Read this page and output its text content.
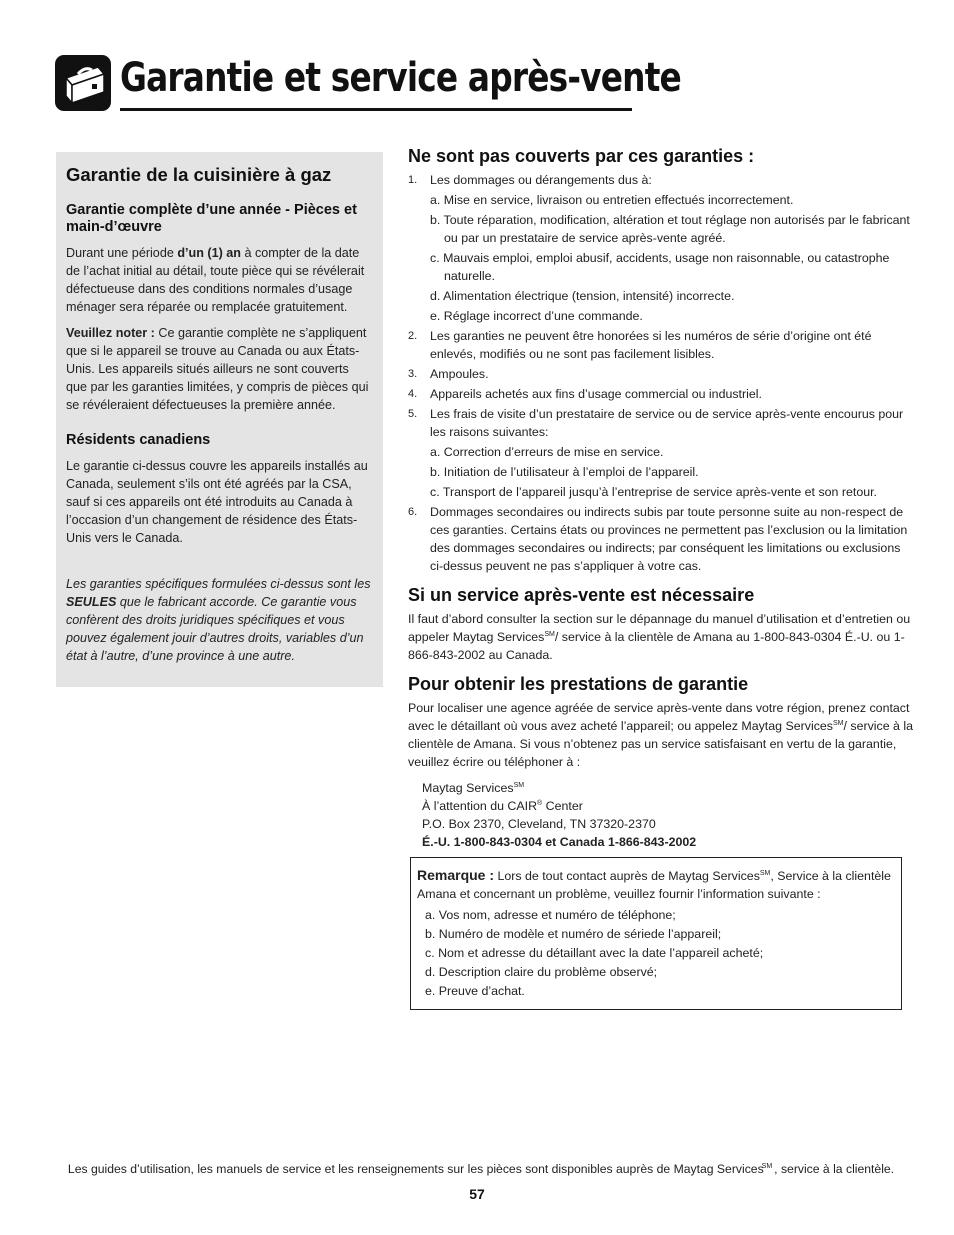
Garantie et service après-vente
Garantie de la cuisinière à gaz
Garantie complète d’une année - Pièces et main-d’œuvre

Durant une période d’un (1) an à compter de la date de l’achat initial au détail, toute pièce qui se révélerait défectueuse dans des conditions normales d’usage ménager sera réparée ou remplacée gratuitement.

Veuillez noter : Ce garantie complète ne s’appliquent que si le appareil se trouve au Canada ou aux États-Unis. Les appareils situés ailleurs ne sont couverts que par les garanties limitées, y compris de pièces qui se révéleraient défectueuses la première année.

Résidents canadiens

Le garantie ci-dessus couvre les appareils installés au Canada, seulement s’ils ont été agréés par la CSA, sauf si ces appareils ont été introduits au Canada à l’occasion d’un changement de résidence des États-Unis vers le Canada.

Les garanties spécifiques formulées ci-dessus sont les SEULES que le fabricant accorde. Ce garantie vous confèrent des droits juridiques spécifiques et vous pouvez également jouir d’autres droits, variables d’un état à l’autre, d’une province à une autre.

Ne sont pas couverts par ces garanties :
1. Les dommages ou dérangements dus à:
a. Mise en service, livraison ou entretien effectués incorrectement.
b. Toute réparation, modification, altération et tout réglage non autorisés par le fabricant ou par un prestataire de service après-vente agréé.
c. Mauvais emploi, emploi abusif, accidents, usage non raisonnable, ou catastrophe naturelle.
d. Alimentation électrique (tension, intensité) incorrecte.
e. Réglage incorrect d’une commande.
2. Les garanties ne peuvent être honorées si les numéros de série d’origine ont été enlevés, modifiés ou ne sont pas facilement lisibles.
3. Ampoules.
4. Appareils achetés aux fins d’usage commercial ou industriel.
5. Les frais de visite d’un prestataire de service ou de service après-vente encourus pour les raisons suivantes:
a. Correction d’erreurs de mise en service.
b. Initiation de l’utilisateur à l’emploi de l’appareil.
c. Transport de l’appareil jusqu’à l’entreprise de service après-vente et son retour.
6. Dommages secondaires ou indirects subis par toute personne suite au non-respect de ces garanties. Certains états ou provinces ne permettent pas l’exclusion ou la limitation des dommages secondaires ou indirects; par conséquent les limitations ou exclusions ci-dessus peuvent ne pas s’appliquer à votre cas.
Si un service après-vente est nécessaire

Il faut d’abord consulter la section sur le dépannage du manuel d’utilisation et d’entretien ou appeler Maytag Services℠/ service à la clientèle de Amana au 1-800-843-0304 É.-U. ou 1-866-843-2002 au Canada.

Pour obtenir les prestations de garantie

Pour localiser une agence agréée de service après-vente dans votre région, prenez contact avec le détaillant où vous avez acheté l’appareil; ou appelez Maytag Services℠/ service à la clientèle de Amana. Si vous n’obtenez pas un service satisfaisant en vertu de la garantie, veuillez écrire ou téléphoner à :

Maytag Services℠
À l’attention du CAIR® Center
P.O. Box 2370, Cleveland, TN 37320-2370
É.-U. 1-800-843-0304 et Canada 1-866-843-2002

Remarque : Lors de tout contact auprès de Maytag Services℠, Service à la clientèle Amana et concernant un problème, veuillez fournir l’information suivante :

a. Vos nom, adresse et numéro de téléphone;
b. Numéro de modèle et numéro de sériede l’appareil;
c. Nom et adresse du détaillant avec la date l’appareil acheté;
d. Description claire du problème observé;
e. Preuve d’achat.
Les guides d’utilisation, les manuels de service et les renseignements sur les pièces sont disponibles auprès de Maytag Services℠ , service à la clientèle.
57
